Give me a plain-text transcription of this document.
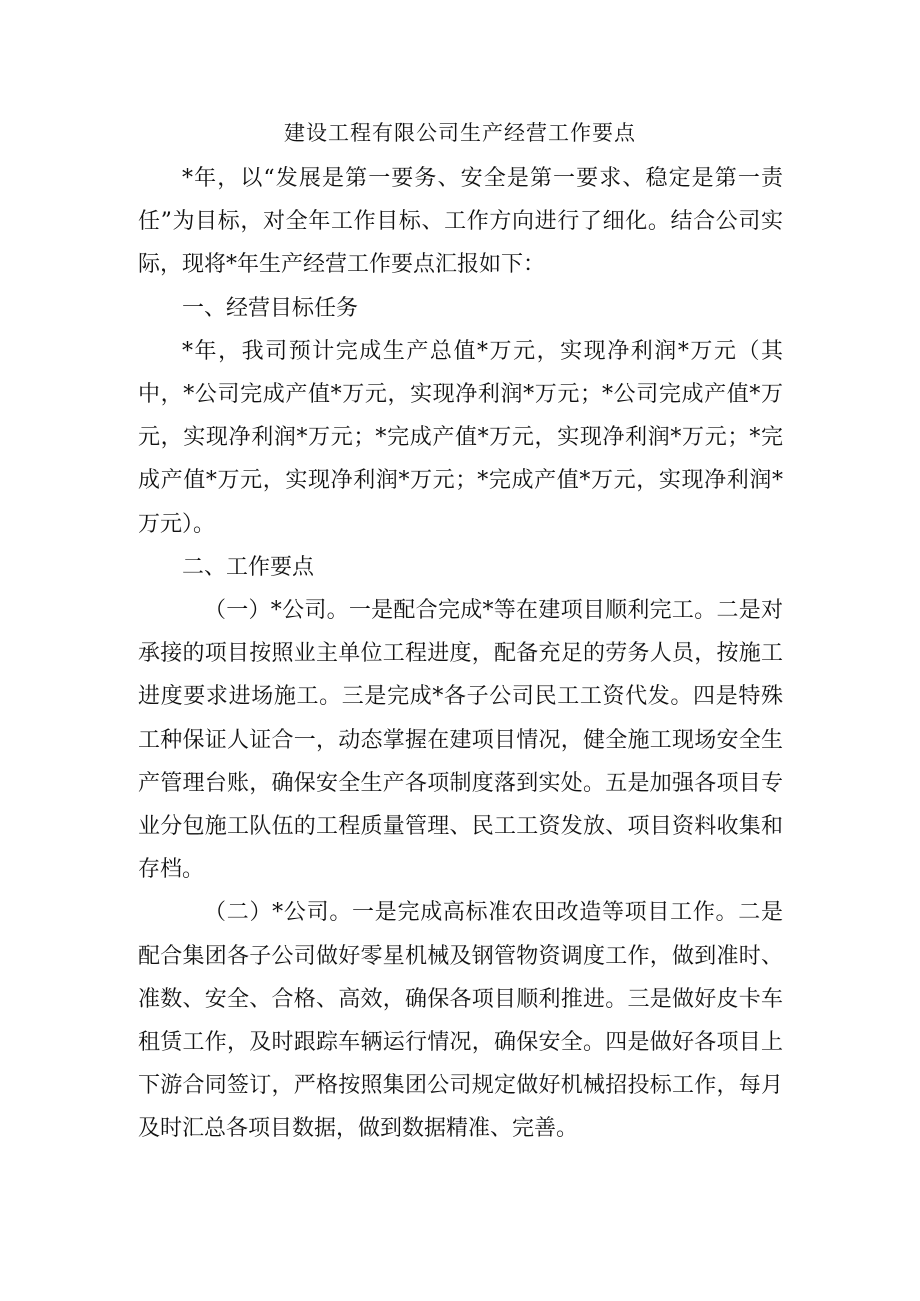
建设工程有限公司生产经营工作要点

*年，以“发展是第一要务、安全是第一要求、稳定是第一责任”为目标，对全年工作目标、工作方向进行了细化。结合公司实际，现将*年生产经营工作要点汇报如下：

一、经营目标任务

*年，我司预计完成生产总值*万元，实现净利润*万元（其中，*公司完成产值*万元，实现净利润*万元；*公司完成产值*万元，实现净利润*万元；*完成产值*万元，实现净利润*万元；*完成产值*万元，实现净利润*万元；*完成产值*万元，实现净利润*万元）。

二、工作要点

（一）*公司。一是配合完成*等在建项目顺利完工。二是对承接的项目按照业主单位工程进度，配备充足的劳务人员，按施工进度要求进场施工。三是完成*各子公司民工工资代发。四是特殊工种保证人证合一，动态掌握在建项目情况，健全施工现场安全生产管理台账，确保安全生产各项制度落到实处。五是加强各项目专业分包施工队伍的工程质量管理、民工工资发放、项目资料收集和存档。

（二）*公司。一是完成高标准农田改造等项目工作。二是配合集团各子公司做好零星机械及钢管物资调度工作，做到准时、准数、安全、合格、高效，确保各项目顺利推进。三是做好皮卡车租赁工作，及时跟踪车辆运行情况，确保安全。四是做好各项目上下游合同签订，严格按照集团公司规定做好机械招投标工作，每月及时汇总各项目数据，做到数据精准、完善。
